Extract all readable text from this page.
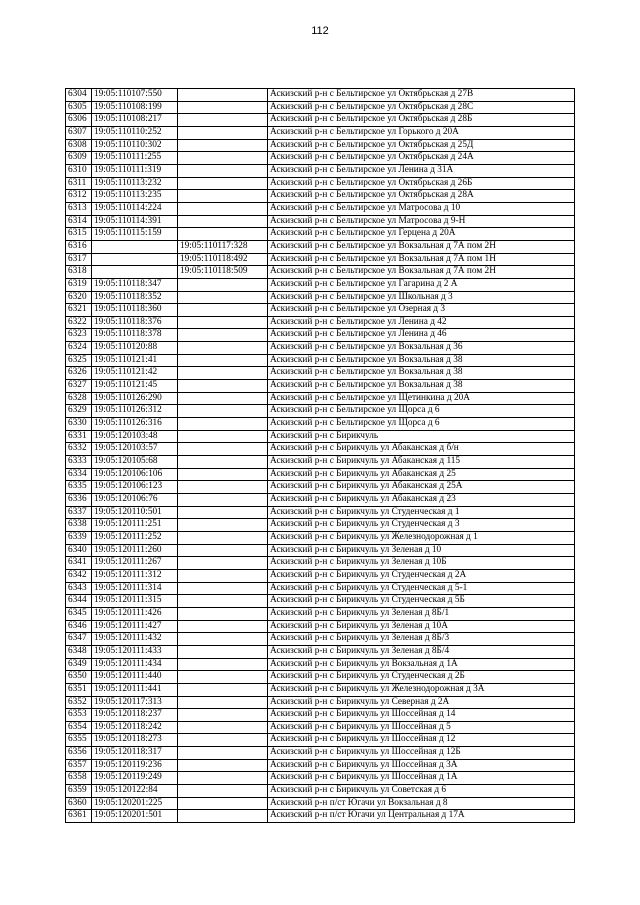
112
6304	19:05:110107:550		Аскизский р-н с Бельтирское ул Октябрьская д 27В
6305	19:05:110108:199		Аскизский р-н с Бельтирское ул Октябрьская д 28С
6306	19:05:110108:217		Аскизский р-н с Бельтирское ул Октябрьская д 28Б
6307	19:05:110110:252		Аскизский р-н с Бельтирское ул Горького д 20А
6308	19:05:110110:302		Аскизский р-н с Бельтирское ул Октябрьская д 25Д
6309	19:05:110111:255		Аскизский р-н с Бельтирское ул Октябрьская д 24А
6310	19:05:110111:319		Аскизский р-н с Бельтирское ул Ленина д 31А
6311	19:05:110113:232		Аскизский р-н с Бельтирское ул Октябрьская д 26Б
6312	19:05:110113:235		Аскизский р-н с Бельтирское ул Октябрьская д 28А
6313	19:05:110114:224		Аскизский р-н с Бельтирское ул Матросова д 10
6314	19:05:110114:391		Аскизский р-н с Бельтирское ул Матросова д 9-Н
6315	19:05:110115:159		Аскизский р-н с Бельтирское ул Герцена д 20А
6316		19:05:110117:328	Аскизский р-н с Бельтирское ул Вокзальная д 7А пом 2Н
6317		19:05:110118:492	Аскизский р-н с Бельтирское ул Вокзальная д 7А пом 1Н
6318		19:05:110118:509	Аскизский р-н с Бельтирское ул Вокзальная д 7А пом 2Н
6319	19:05:110118:347		Аскизский р-н с Бельтирское ул Гагарина д 2 А
6320	19:05:110118:352		Аскизский р-н с Бельтирское ул Школьная д 3
6321	19:05:110118:360		Аскизский р-н с Бельтирское ул Озерная д 3
6322	19:05:110118:376		Аскизский р-н с Бельтирское ул Ленина д 42
6323	19:05:110118:378		Аскизский р-н с Бельтирское ул Ленина д 46
6324	19:05:110120:88		Аскизский р-н с Бельтирское ул Вокзальная д 36
6325	19:05:110121:41		Аскизский р-н с Бельтирское ул Вокзальная д 38
6326	19:05:110121:42		Аскизский р-н с Бельтирское ул Вокзальная д 38
6327	19:05:110121:45		Аскизский р-н с Бельтирское ул Вокзальная д 38
6328	19:05:110126:290		Аскизский р-н с Бельтирское ул Щетинкина д 20А
6329	19:05:110126:312		Аскизский р-н с Бельтирское ул Щорса д 6
6330	19:05:110126:316		Аскизский р-н с Бельтирское ул Щорса д 6
6331	19:05:120103:48		Аскизский р-н с Бирикчуль
6332	19:05:120103:57		Аскизский р-н с Бирикчуль ул Абаканская д б/н
6333	19:05:120105:68		Аскизский р-н с Бирикчуль ул Абаканская д 115
6334	19:05:120106:106		Аскизский р-н с Бирикчуль ул Абаканская д 25
6335	19:05:120106:123		Аскизский р-н с Бирикчуль ул Абаканская д 25А
6336	19:05:120106:76		Аскизский р-н с Бирикчуль ул Абаканская д 23
6337	19:05:120110:501		Аскизский р-н с Бирикчуль ул Студенческая д 1
6338	19:05:120111:251		Аскизский р-н с Бирикчуль ул Студенческая д 3
6339	19:05:120111:252		Аскизский р-н с Бирикчуль ул Железнодорожная д 1
6340	19:05:120111:260		Аскизский р-н с Бирикчуль ул Зеленая д 10
6341	19:05:120111:267		Аскизский р-н с Бирикчуль ул Зеленая д 10Б
6342	19:05:120111:312		Аскизский р-н с Бирикчуль ул Студенческая д 2А
6343	19:05:120111:314		Аскизский р-н с Бирикчуль ул Студенческая д 5-1
6344	19:05:120111:315		Аскизский р-н с Бирикчуль ул Студенческая д 5Б
6345	19:05:120111:426		Аскизский р-н с Бирикчуль ул Зеленая д 8Б/1
6346	19:05:120111:427		Аскизский р-н с Бирикчуль ул Зеленая д 10А
6347	19:05:120111:432		Аскизский р-н с Бирикчуль ул Зеленая д 8Б/3
6348	19:05:120111:433		Аскизский р-н с Бирикчуль ул Зеленая д 8Б/4
6349	19:05:120111:434		Аскизский р-н с Бирикчуль ул Вокзальная д 1А
6350	19:05:120111:440		Аскизский р-н с Бирикчуль ул Студенческая д 2Б
6351	19:05:120111:441		Аскизский р-н с Бирикчуль ул Железнодорожная д 3А
6352	19:05:120117:313		Аскизский р-н с Бирикчуль ул Северная д 2А
6353	19:05:120118:237		Аскизский р-н с Бирикчуль ул Шоссейная д 14
6354	19:05:120118:242		Аскизский р-н с Бирикчуль ул Шоссейная д 5
6355	19:05:120118:273		Аскизский р-н с Бирикчуль ул Шоссейная д 12
6356	19:05:120118:317		Аскизский р-н с Бирикчуль ул Шоссейная д 12Б
6357	19:05:120119:236		Аскизский р-н с Бирикчуль ул Шоссейная д 3А
6358	19:05:120119:249		Аскизский р-н с Бирикчуль ул Шоссейная д 1А
6359	19:05:120122:84		Аскизский р-н с Бирикчуль ул Советская д 6
6360	19:05:120201:225		Аскизский р-н п/ст Югачи ул Вокзальная д 8
6361	19:05:120201:501		Аскизский р-н п/ст Югачи ул Центральная д 17А
